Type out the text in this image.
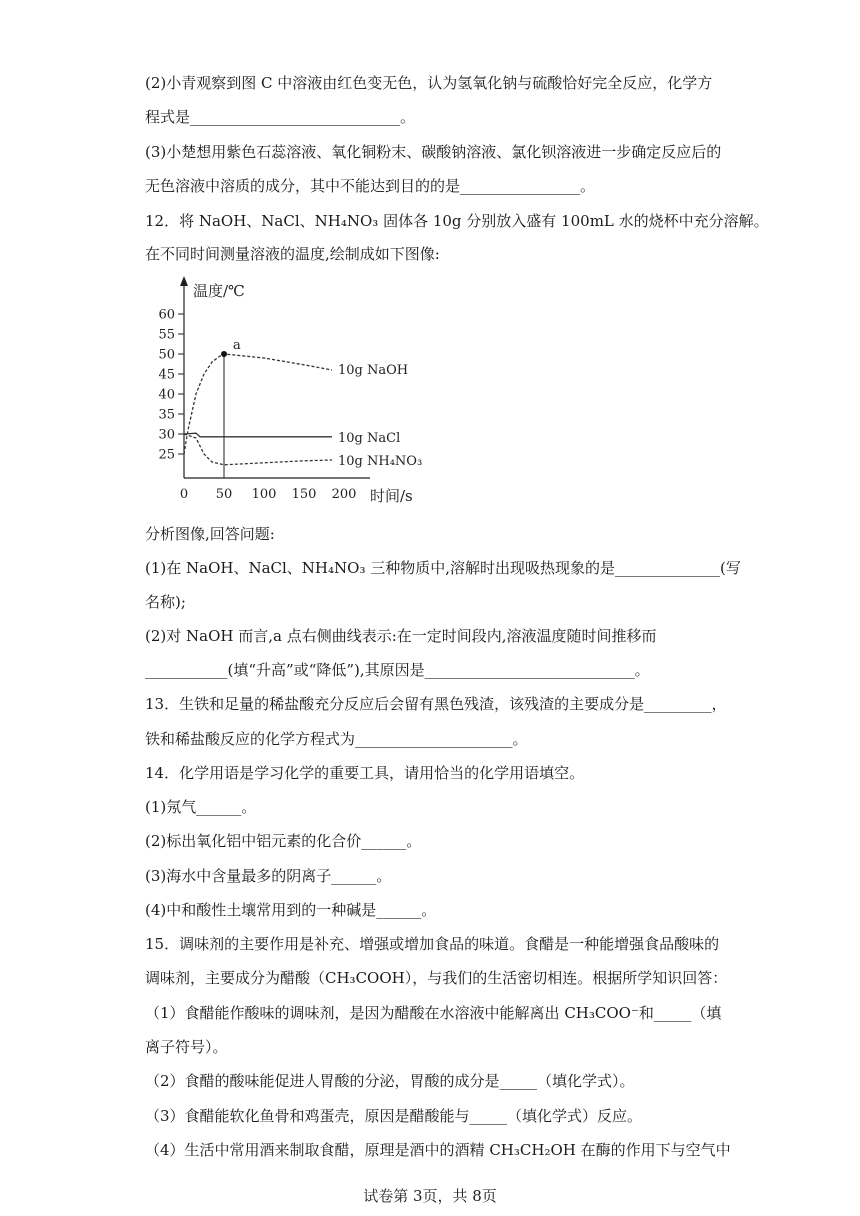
(2)小青观察到图 C 中溶液由红色变无色，认为氢氧化钠与硫酸恰好完全反应，化学方
程式是____________________________。
(3)小楚想用紫色石蕊溶液、氧化铜粉末、碳酸钠溶液、氯化钡溶液进一步确定反应后的
无色溶液中溶质的成分，其中不能达到目的的是________________。
12．将 NaOH、NaCl、NH₄NO₃ 固体各 10g 分别放入盛有 100mL 水的烧杯中充分溶解。
在不同时间测量溶液的温度,绘制成如下图像:
25
30
35
40
45
50
55
60
0 50 100 150 200
温度/℃
时间/s
10g NaOH
10g NaCl
10g NH₄NO₃
a
分析图像,回答问题:
(1)在 NaOH、NaCl、NH₄NO₃ 三种物质中,溶解时出现吸热现象的是______________(写
名称);
(2)对 NaOH 而言,a 点右侧曲线表示:在一定时间段内,溶液温度随时间推移而
___________(填“升高”或“降低”),其原因是____________________________。
13．生铁和足量的稀盐酸充分反应后会留有黑色残渣，该残渣的主要成分是_________，
铁和稀盐酸反应的化学方程式为_____________________。
14．化学用语是学习化学的重要工具，请用恰当的化学用语填空。
(1)氖气______。
(2)标出氧化铝中铝元素的化合价______。
(3)海水中含量最多的阴离子______。
(4)中和酸性土壤常用到的一种碱是______。
15．调味剂的主要作用是补充、增强或增加食品的味道。食醋是一种能增强食品酸味的
调味剂，主要成分为醋酸（CH₃COOH），与我们的生活密切相连。根据所学知识回答：
（1）食醋能作酸味的调味剂，是因为醋酸在水溶液中能解离出 CH₃COO⁻和_____（填
离子符号）。
（2）食醋的酸味能促进人胃酸的分泌，胃酸的成分是_____（填化学式）。
（3）食醋能软化鱼骨和鸡蛋壳，原因是醋酸能与_____（填化学式）反应。
（4）生活中常用酒来制取食醋，原理是酒中的酒精 CH₃CH₂OH 在酶的作用下与空气中
试卷第 3页，共 8页
